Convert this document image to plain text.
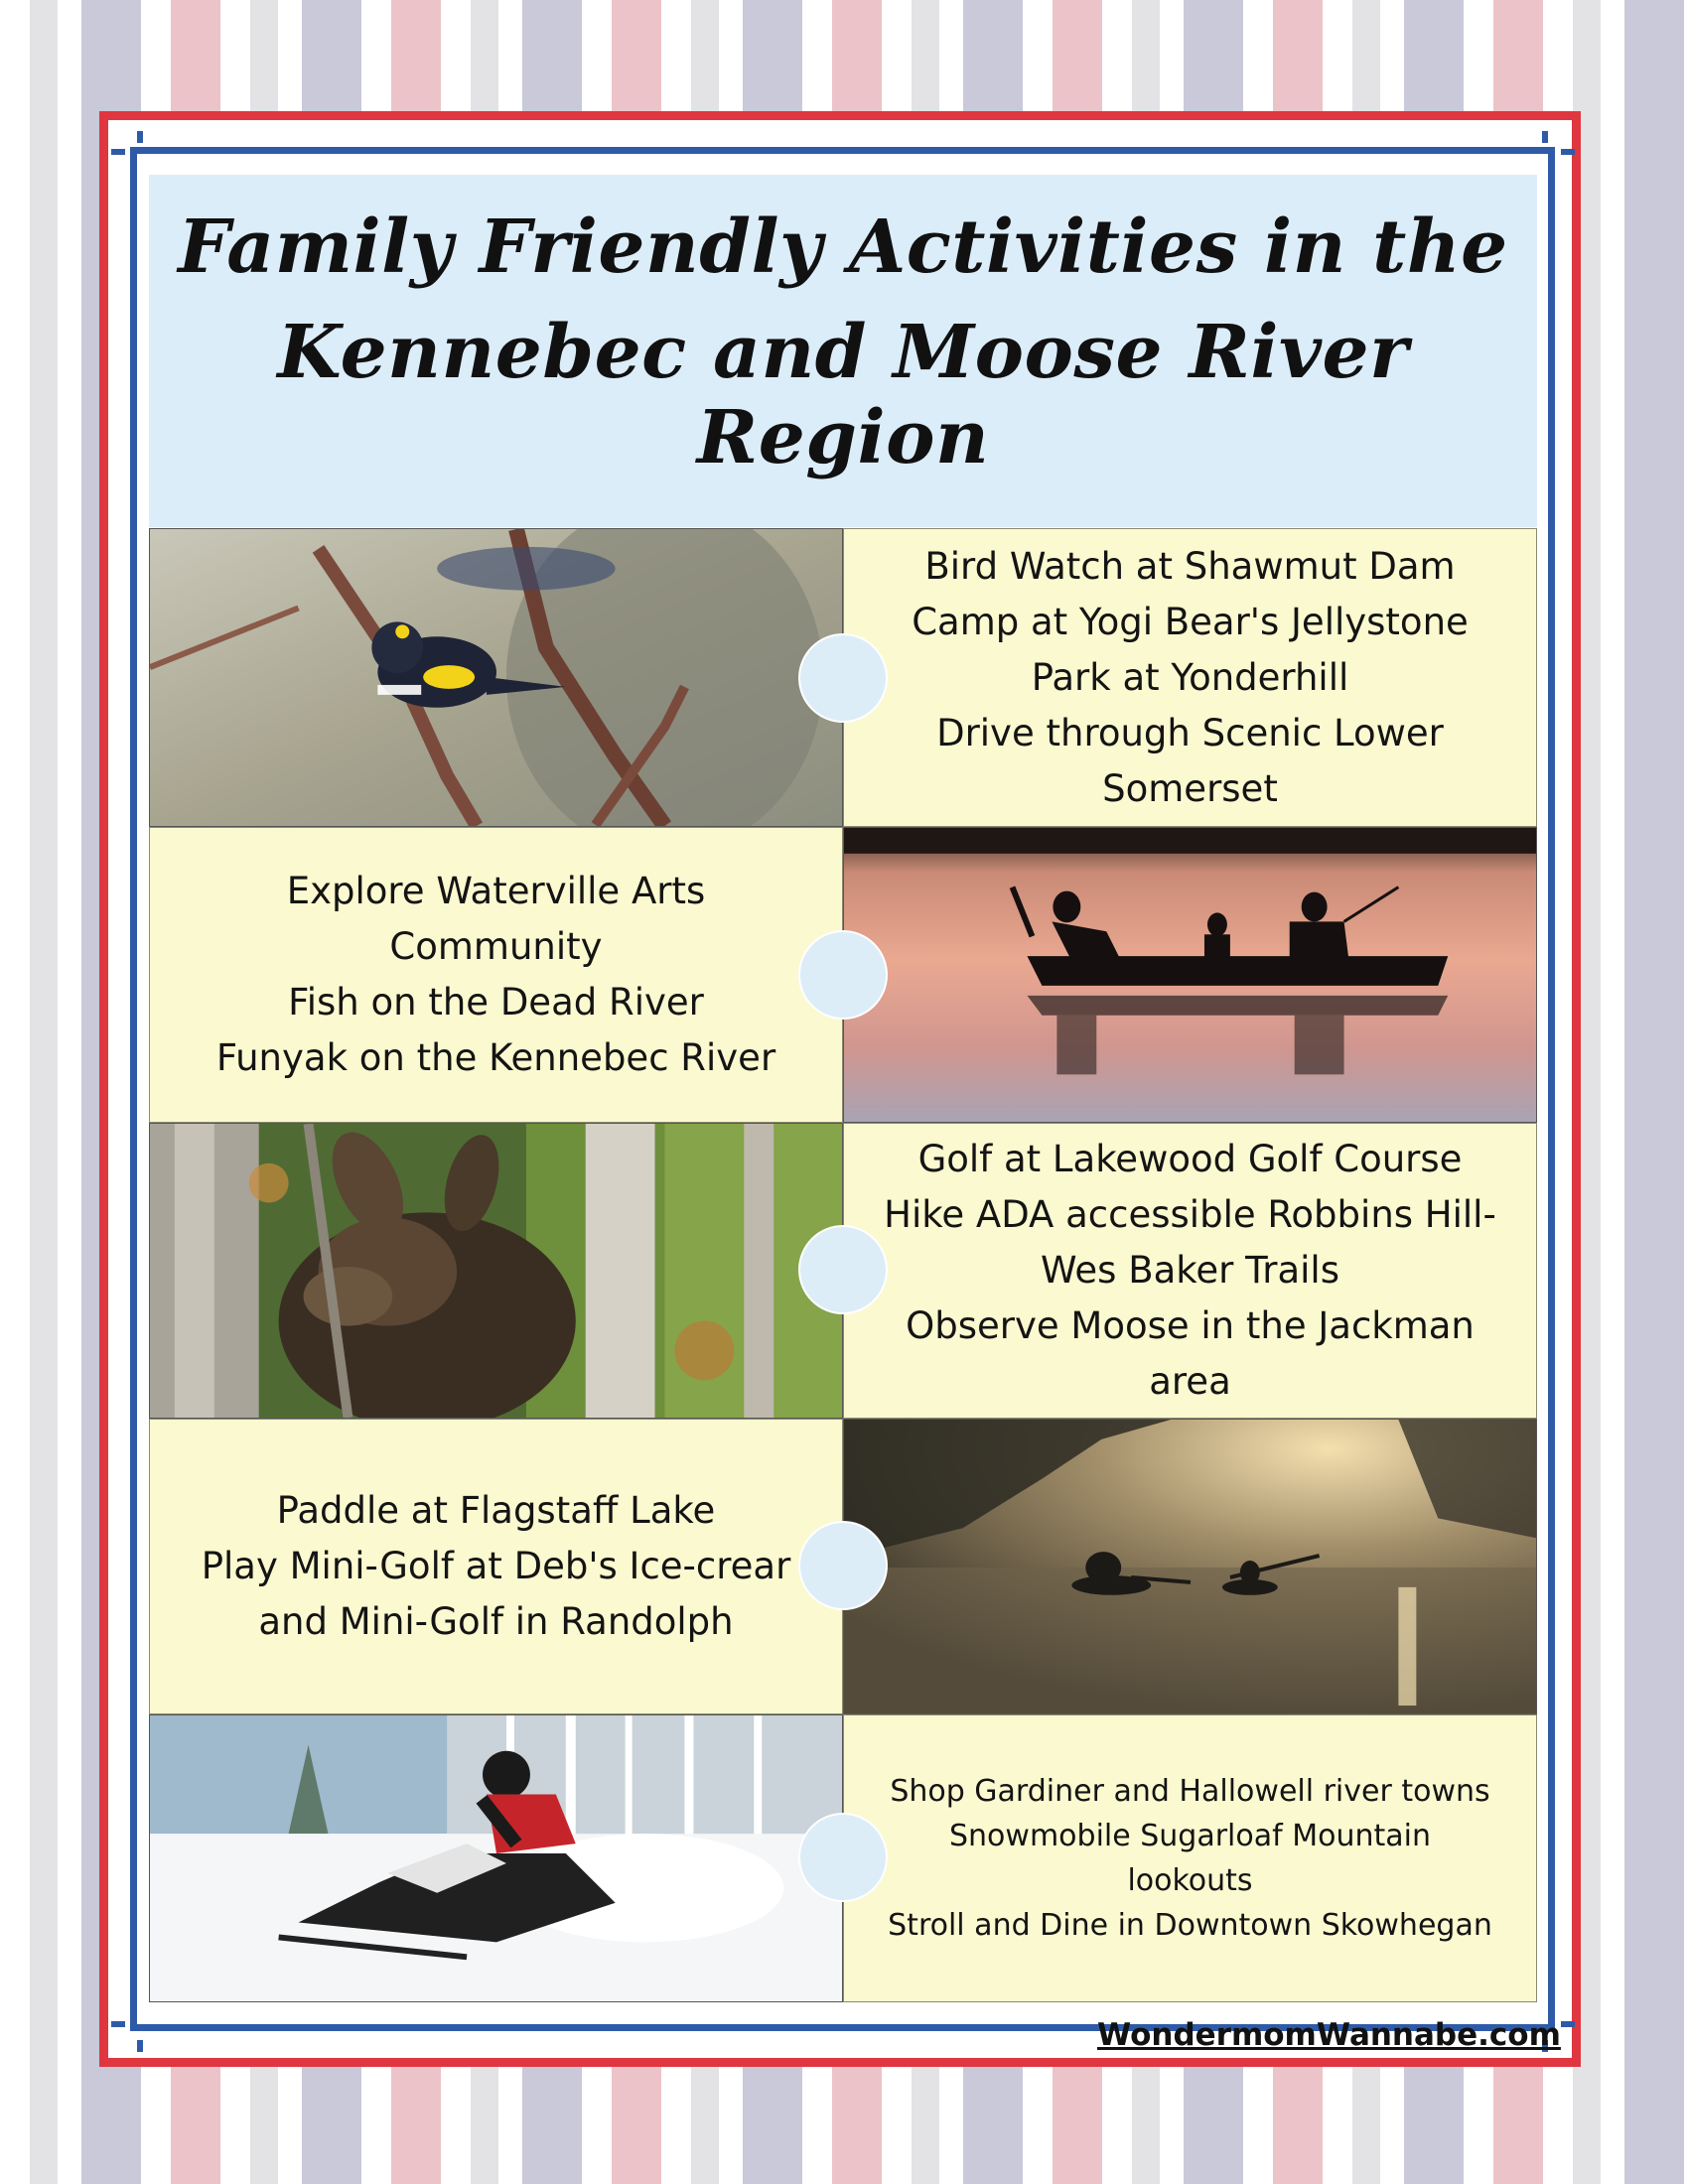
Family Friendly Activities in the
Kennebec and Moose River Region
Bird Watch at Shawmut Dam
Camp at Yogi Bear's Jellystone
Park at Yonderhill
Drive through Scenic Lower
Somerset
Explore Waterville Arts
Community
Fish on the Dead River
Funyak on the Kennebec River
Golf at Lakewood Golf Course
Hike ADA accessible Robbins Hill-
Wes Baker Trails
Observe Moose in the Jackman
area
Paddle at Flagstaff Lake
Play Mini-Golf at Deb's Ice-crear
and Mini-Golf in Randolph
Shop Gardiner and Hallowell river towns
Snowmobile Sugarloaf Mountain
lookouts
Stroll and Dine in Downtown Skowhegan
WondermomWannabe.com
